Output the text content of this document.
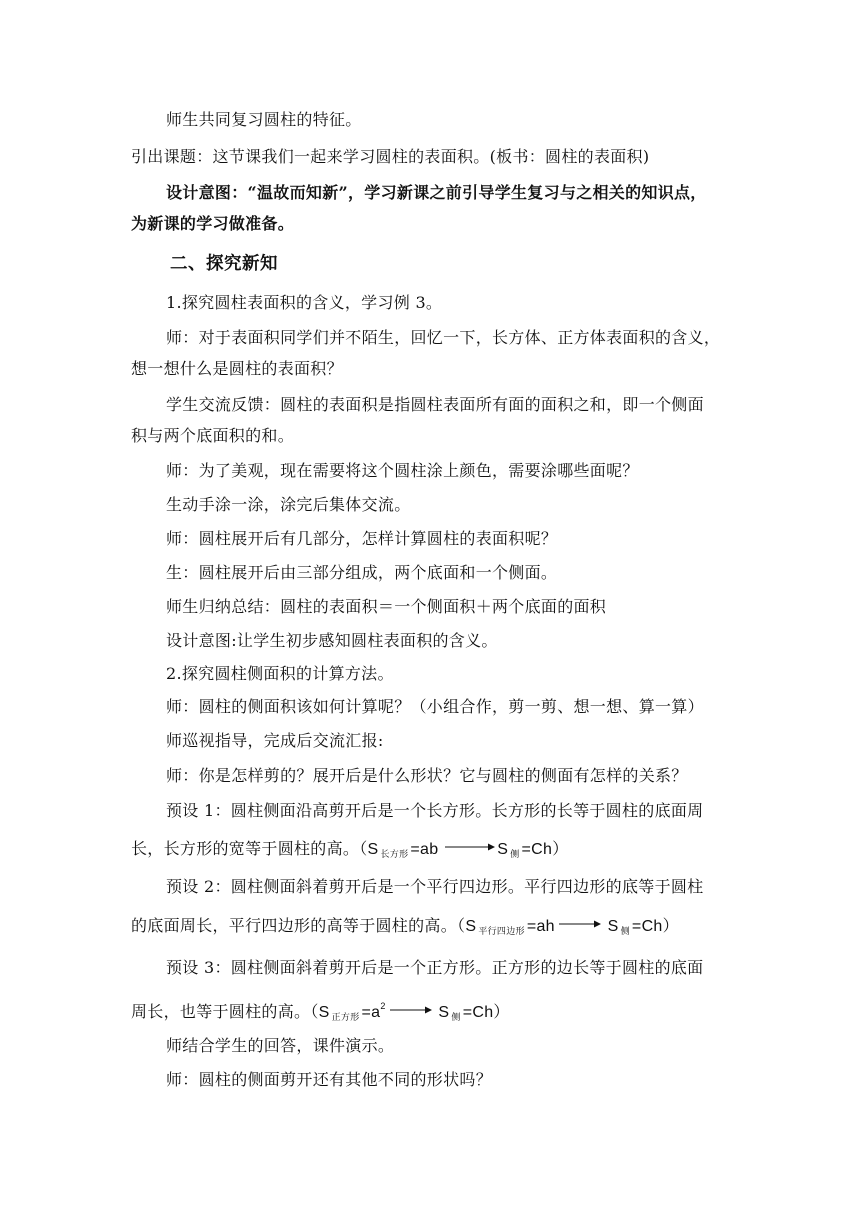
师生共同复习圆柱的特征。
引出课题：这节课我们一起来学习圆柱的表面积。(板书：圆柱的表面积)
设计意图：“温故而知新”，学习新课之前引导学生复习与之相关的知识点，
为新课的学习做准备。
二、探究新知
1.探究圆柱表面积的含义，学习例 3。
师：对于表面积同学们并不陌生，回忆一下，长方体、正方体表面积的含义，
想一想什么是圆柱的表面积？
学生交流反馈：圆柱的表面积是指圆柱表面所有面的面积之和，即一个侧面
积与两个底面积的和。
师：为了美观，现在需要将这个圆柱涂上颜色，需要涂哪些面呢？
生动手涂一涂，涂完后集体交流。
师：圆柱展开后有几部分，怎样计算圆柱的表面积呢？
生：圆柱展开后由三部分组成，两个底面和一个侧面。
师生归纳总结：圆柱的表面积＝一个侧面积＋两个底面的面积
设计意图:让学生初步感知圆柱表面积的含义。
2.探究圆柱侧面积的计算方法。
师：圆柱的侧面积该如何计算呢？（小组合作，剪一剪、想一想、算一算）
师巡视指导，完成后交流汇报:
师：你是怎样剪的？展开后是什么形状？它与圆柱的侧面有怎样的关系？
预设 1：圆柱侧面沿高剪开后是一个长方形。长方形的长等于圆柱的底面周
长，长方形的宽等于圆柱的高。（S $_{长方形}$ =ab	S $_侧$ =Ch）
预设 2：圆柱侧面斜着剪开后是一个平行四边形。平行四边形的底等于圆柱
的底面周长，平行四边形的高等于圆柱的高。（S $_{平行四边形}$ =ah	S $_侧$ =Ch）
预设 3：圆柱侧面斜着剪开后是一个正方形。正方形的边长等于圆柱的底面
周长，也等于圆柱的高。（S $_{正方形} =a^2$	S $_侧$ =Ch）
师结合学生的回答，课件演示。
师：圆柱的侧面剪开还有其他不同的形状吗？
